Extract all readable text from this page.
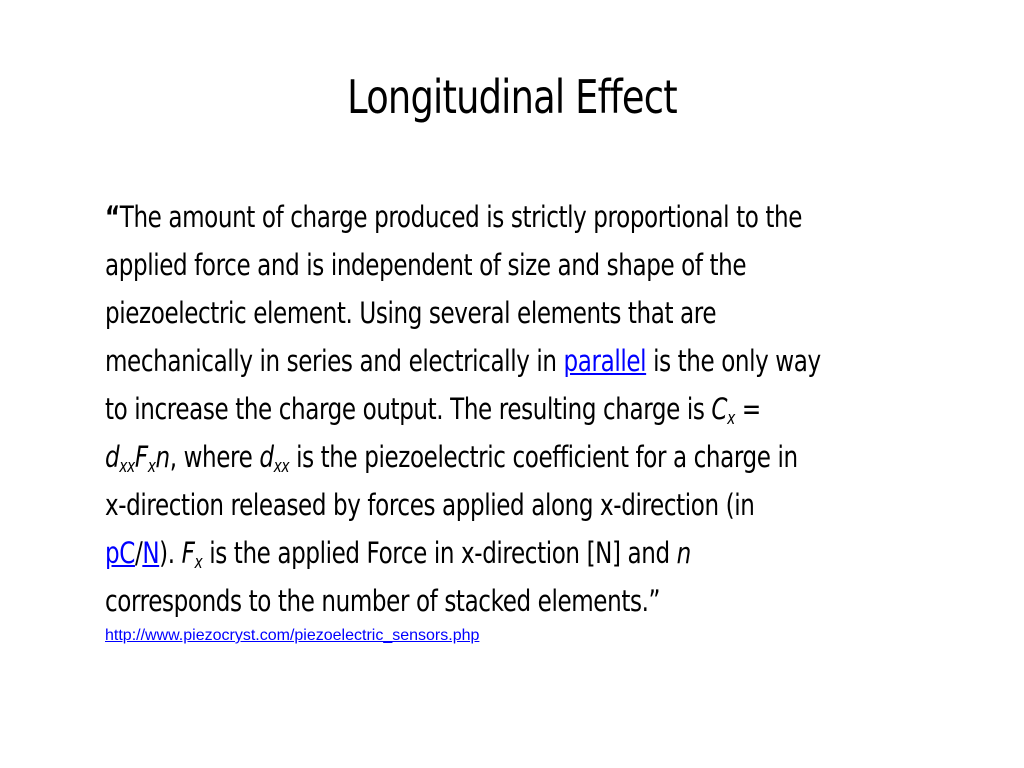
Longitudinal Effect
“The amount of charge produced is strictly proportional to the
applied force and is independent of size and shape of the
piezoelectric element. Using several elements that are
mechanically in series and electrically in parallel is the only way
to increase the charge output. The resulting charge is $C_x$ =
$d_{xx}F_xn$, where $d_{xx}$ is the piezoelectric coefficient for a charge in
x-direction released by forces applied along x-direction (in
pC/N). $F_x$ is the applied Force in x-direction [N] and n
corresponds to the number of stacked elements.”
http://www.piezocryst.com/piezoelectric_sensors.php
